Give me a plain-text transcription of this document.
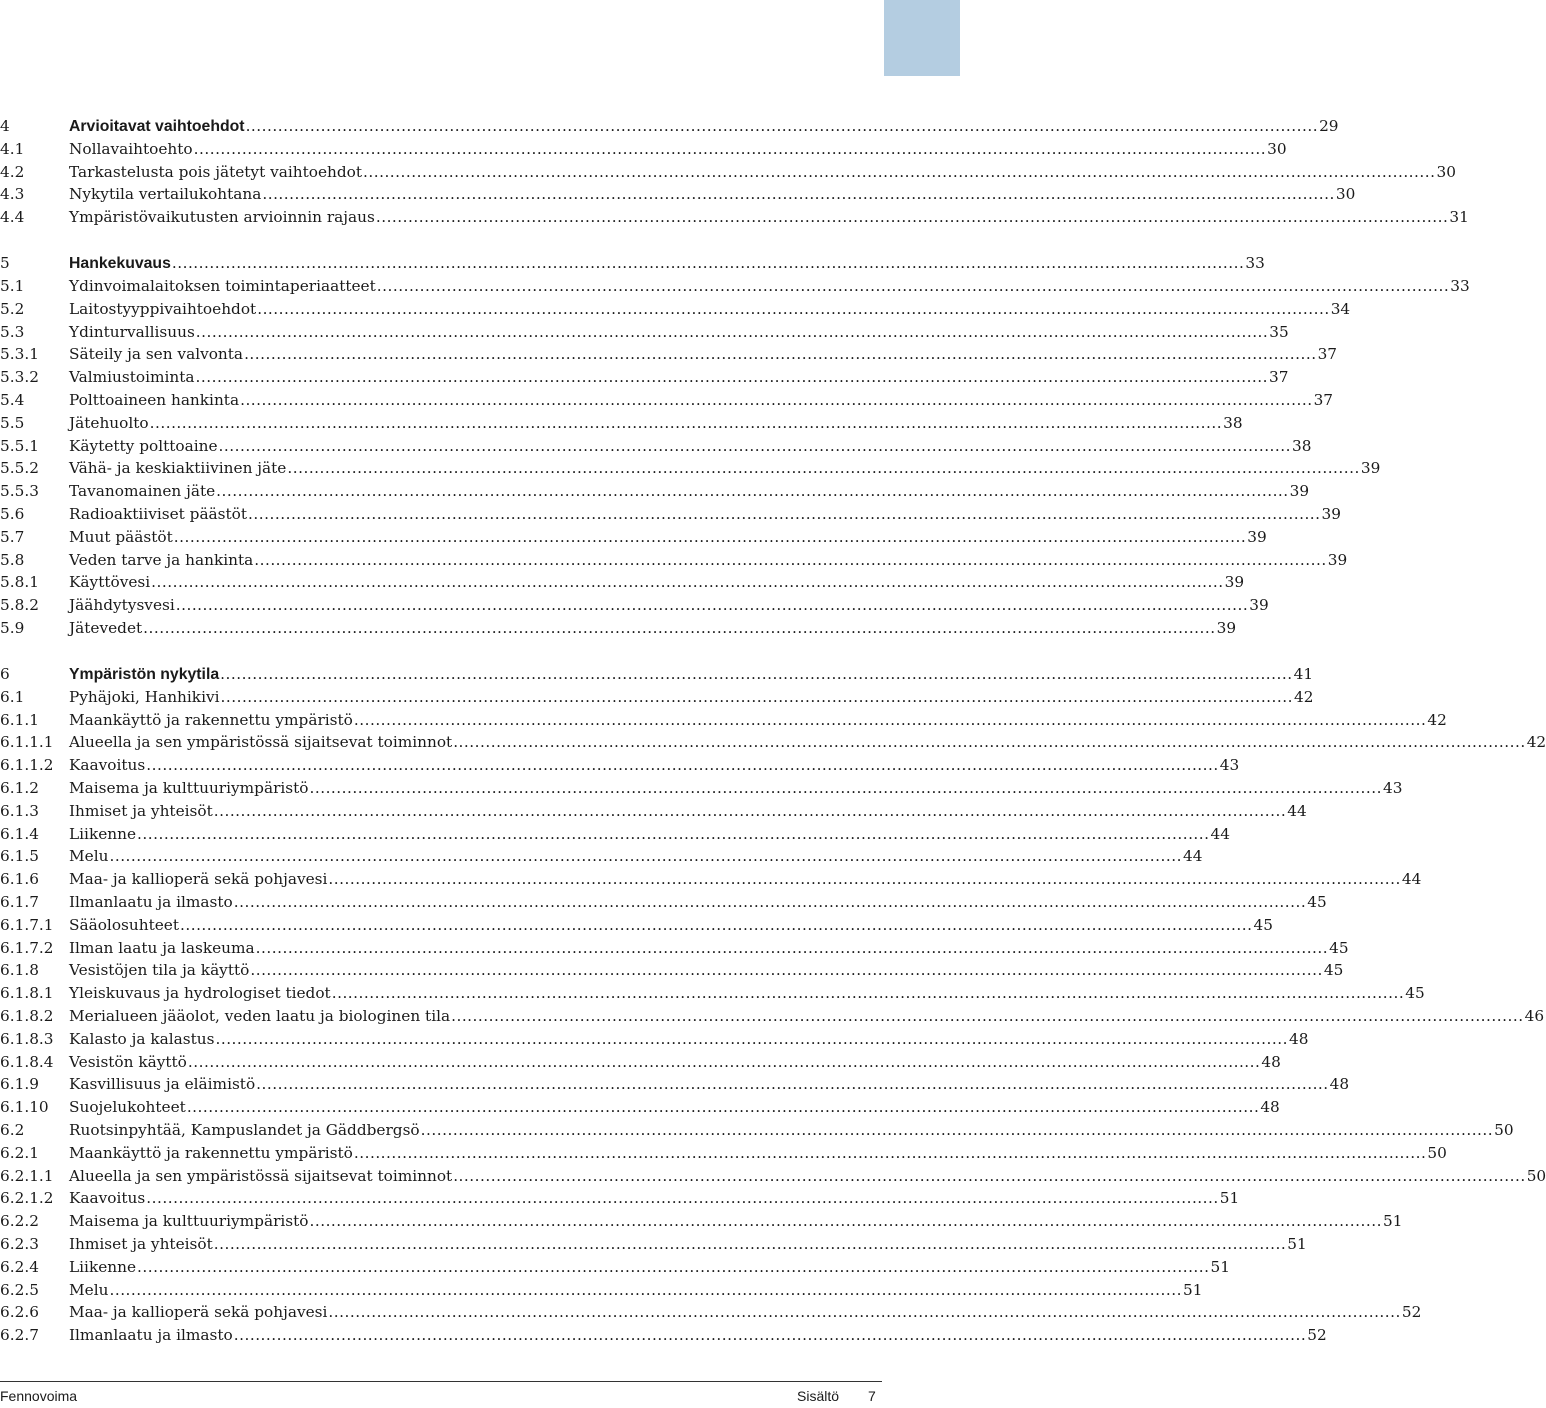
4	Arvioitavat vaihtoehdot ........................................................................................................................................................................................................ 29
4.1	Nollavaihtoehto ........................................................................................................................................................................................................ 30
4.2	Tarkastelusta pois jätetyt vaihtoehdot ........................................................................................................................................................................................................ 30
4.3	Nykytila vertailukohtana ........................................................................................................................................................................................................ 30
4.4	Ympäristövaikutusten arvioinnin rajaus ........................................................................................................................................................................................................ 31
5	Hankekuvaus ........................................................................................................................................................................................................ 33
5.1	Ydinvoimalaitoksen toimintaperiaatteet ........................................................................................................................................................................................................ 33
5.2	Laitostyyppivaihtoehdot ........................................................................................................................................................................................................ 34
5.3	Ydinturvallisuus ........................................................................................................................................................................................................ 35
5.3.1	Säteily ja sen valvonta ........................................................................................................................................................................................................ 37
5.3.2	Valmiustoiminta ........................................................................................................................................................................................................ 37
5.4	Polttoaineen hankinta ........................................................................................................................................................................................................ 37
5.5	Jätehuolto ........................................................................................................................................................................................................ 38
5.5.1	Käytetty polttoaine ........................................................................................................................................................................................................ 38
5.5.2	Vähä- ja keskiaktiivinen jäte ........................................................................................................................................................................................................ 39
5.5.3	Tavanomainen jäte ........................................................................................................................................................................................................ 39
5.6	Radioaktiiviset päästöt ........................................................................................................................................................................................................ 39
5.7	Muut päästöt ........................................................................................................................................................................................................ 39
5.8	Veden tarve ja hankinta ........................................................................................................................................................................................................ 39
5.8.1	Käyttövesi ........................................................................................................................................................................................................ 39
5.8.2	Jäähdytysvesi ........................................................................................................................................................................................................ 39
5.9	Jätevedet ........................................................................................................................................................................................................ 39
6	Ympäristön nykytila ........................................................................................................................................................................................................ 41
6.1	Pyhäjoki, Hanhikivi ........................................................................................................................................................................................................ 42
6.1.1	Maankäyttö ja rakennettu ympäristö ........................................................................................................................................................................................................ 42
6.1.1.1	Alueella ja sen ympäristössä sijaitsevat toiminnot ........................................................................................................................................................................................................ 42
6.1.1.2	Kaavoitus ........................................................................................................................................................................................................ 43
6.1.2	Maisema ja kulttuuriympäristö ........................................................................................................................................................................................................ 43
6.1.3	Ihmiset ja yhteisöt ........................................................................................................................................................................................................ 44
6.1.4	Liikenne ........................................................................................................................................................................................................ 44
6.1.5	Melu ........................................................................................................................................................................................................ 44
6.1.6	Maa- ja kallioperä sekä pohjavesi ........................................................................................................................................................................................................ 44
6.1.7	Ilmanlaatu ja ilmasto ........................................................................................................................................................................................................ 45
6.1.7.1	Sääolosuhteet ........................................................................................................................................................................................................ 45
6.1.7.2	Ilman laatu ja laskeuma ........................................................................................................................................................................................................ 45
6.1.8	Vesistöjen tila ja käyttö ........................................................................................................................................................................................................ 45
6.1.8.1	Yleiskuvaus ja hydrologiset tiedot ........................................................................................................................................................................................................ 45
6.1.8.2	Merialueen jääolot, veden laatu ja biologinen tila ........................................................................................................................................................................................................ 46
6.1.8.3	Kalasto ja kalastus ........................................................................................................................................................................................................ 48
6.1.8.4	Vesistön käyttö ........................................................................................................................................................................................................ 48
6.1.9	Kasvillisuus ja eläimistö ........................................................................................................................................................................................................ 48
6.1.10	Suojelukohteet ........................................................................................................................................................................................................ 48
6.2	Ruotsinpyhtää, Kampuslandet ja Gäddbergsö ........................................................................................................................................................................................................ 50
6.2.1	Maankäyttö ja rakennettu ympäristö ........................................................................................................................................................................................................ 50
6.2.1.1	Alueella ja sen ympäristössä sijaitsevat toiminnot ........................................................................................................................................................................................................ 50
6.2.1.2	Kaavoitus ........................................................................................................................................................................................................ 51
6.2.2	Maisema ja kulttuuriympäristö ........................................................................................................................................................................................................ 51
6.2.3	Ihmiset ja yhteisöt ........................................................................................................................................................................................................ 51
6.2.4	Liikenne ........................................................................................................................................................................................................ 51
6.2.5	Melu ........................................................................................................................................................................................................ 51
6.2.6	Maa- ja kallioperä sekä pohjavesi ........................................................................................................................................................................................................ 52
6.2.7	Ilmanlaatu ja ilmasto ........................................................................................................................................................................................................ 52
Fennovoima	Sisältö 7
